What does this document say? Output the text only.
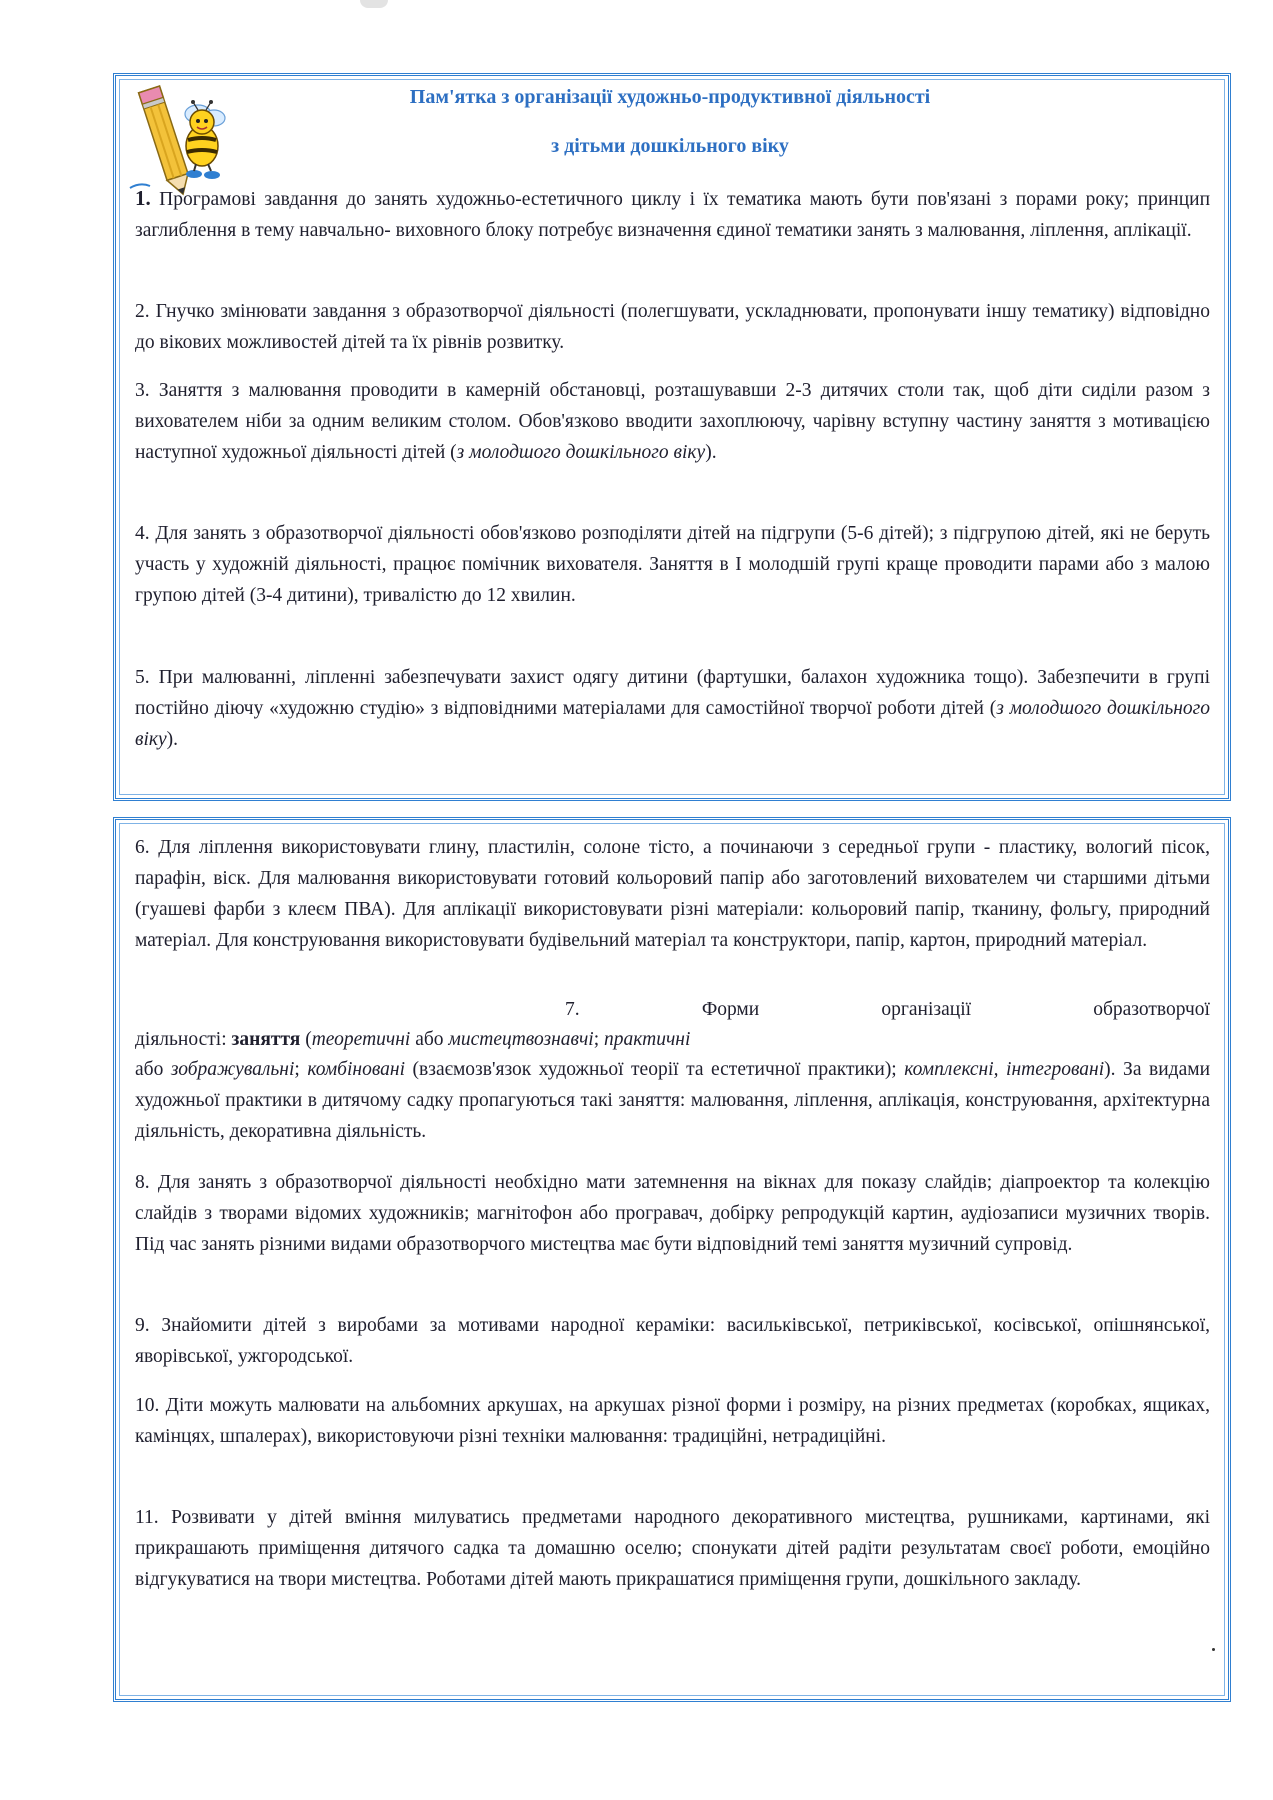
Пам'ятка з організації художньо-продуктивної діяльності
з дітьми дошкільного віку

1. Програмові завдання до занять художньо-естетичного циклу і їх тематика мають бути пов'язані з порами року; принцип заглиблення в тему навчально- виховного блоку потребує визначення єдиної тематики занять з малювання, ліплення, аплікації.

2. Гнучко змінювати завдання з образотворчої діяльності (полегшувати, ускладнювати, пропонувати іншу тематику) відповідно до вікових можливостей дітей та їх рівнів розвитку.

3. Заняття з малювання проводити в камерній обстановці, розташувавши 2-3 дитячих столи так, щоб діти сиділи разом з вихователем ніби за одним великим столом. Обов'язково вводити захоплюючу, чарівну вступну частину заняття з мотивацією наступної художньої діяльності дітей (з молодшого дошкільного віку).

4. Для занять з образотворчої діяльності обов'язково розподіляти дітей на підгрупи (5-6 дітей); з підгрупою дітей, які не беруть участь у художній діяльності, працює помічник вихователя. Заняття в І молодшій групі краще проводити парами або з малою групою дітей (3-4 дитини), тривалістю до 12 хвилин.

5. При малюванні, ліпленні забезпечувати захист одягу дитини (фартушки, балахон художника тощо). Забезпечити в групі постійно діючу «художню студію» з відповідними матеріалами для самостійної творчої роботи дітей (з молодшого дошкільного віку).

6. Для ліплення використовувати глину, пластилін, солоне тісто, а починаючи з середньої групи - пластику, вологий пісок, парафін, віск. Для малювання використовувати готовий кольоровий папір або заготовлений вихователем чи старшими дітьми (гуашеві фарби з клеєм ПВА). Для аплікації використовувати різні матеріали: кольоровий папір, тканину, фольгу, природний матеріал. Для конструювання використовувати будівельний матеріал та конструктори, папір, картон, природний матеріал.

7.	Форми	організації	образотворчої

діяльності: заняття (теоретичні або мистецтвознавчі; практичні

або зображувальні; комбіновані (взаємозв'язок художньої теорії та естетичної практики); комплексні, інтегровані). За видами художньої практики в дитячому садку пропагуються такі заняття: малювання, ліплення, аплікація, конструювання, архітектурна діяльність, декоративна діяльність.

8. Для занять з образотворчої діяльності необхідно мати затемнення на вікнах для показу слайдів; діапроектор та колекцію слайдів з творами відомих художників; магнітофон або програвач, добірку репродукцій картин, аудіозаписи музичних творів. Під час занять різними видами образотворчого мистецтва має бути відповідний темі заняття музичний супровід.

9. Знайомити дітей з виробами за мотивами народної кераміки: васильківської, петриківської, косівської, опішнянської, яворівської, ужгородської.

10. Діти можуть малювати на альбомних аркушах, на аркушах різної форми і розміру, на різних предметах (коробках, ящиках, камінцях, шпалерах), використовуючи різні техніки малювання: традиційні, нетрадиційні.

11. Розвивати у дітей вміння милуватись предметами народного декоративного мистецтва, рушниками, картинами, які прикрашають приміщення дитячого садка та домашню оселю; спонукати дітей радіти результатам своєї роботи, емоційно відгукуватися на твори мистецтва. Роботами дітей мають прикрашатися приміщення групи, дошкільного закладу.
